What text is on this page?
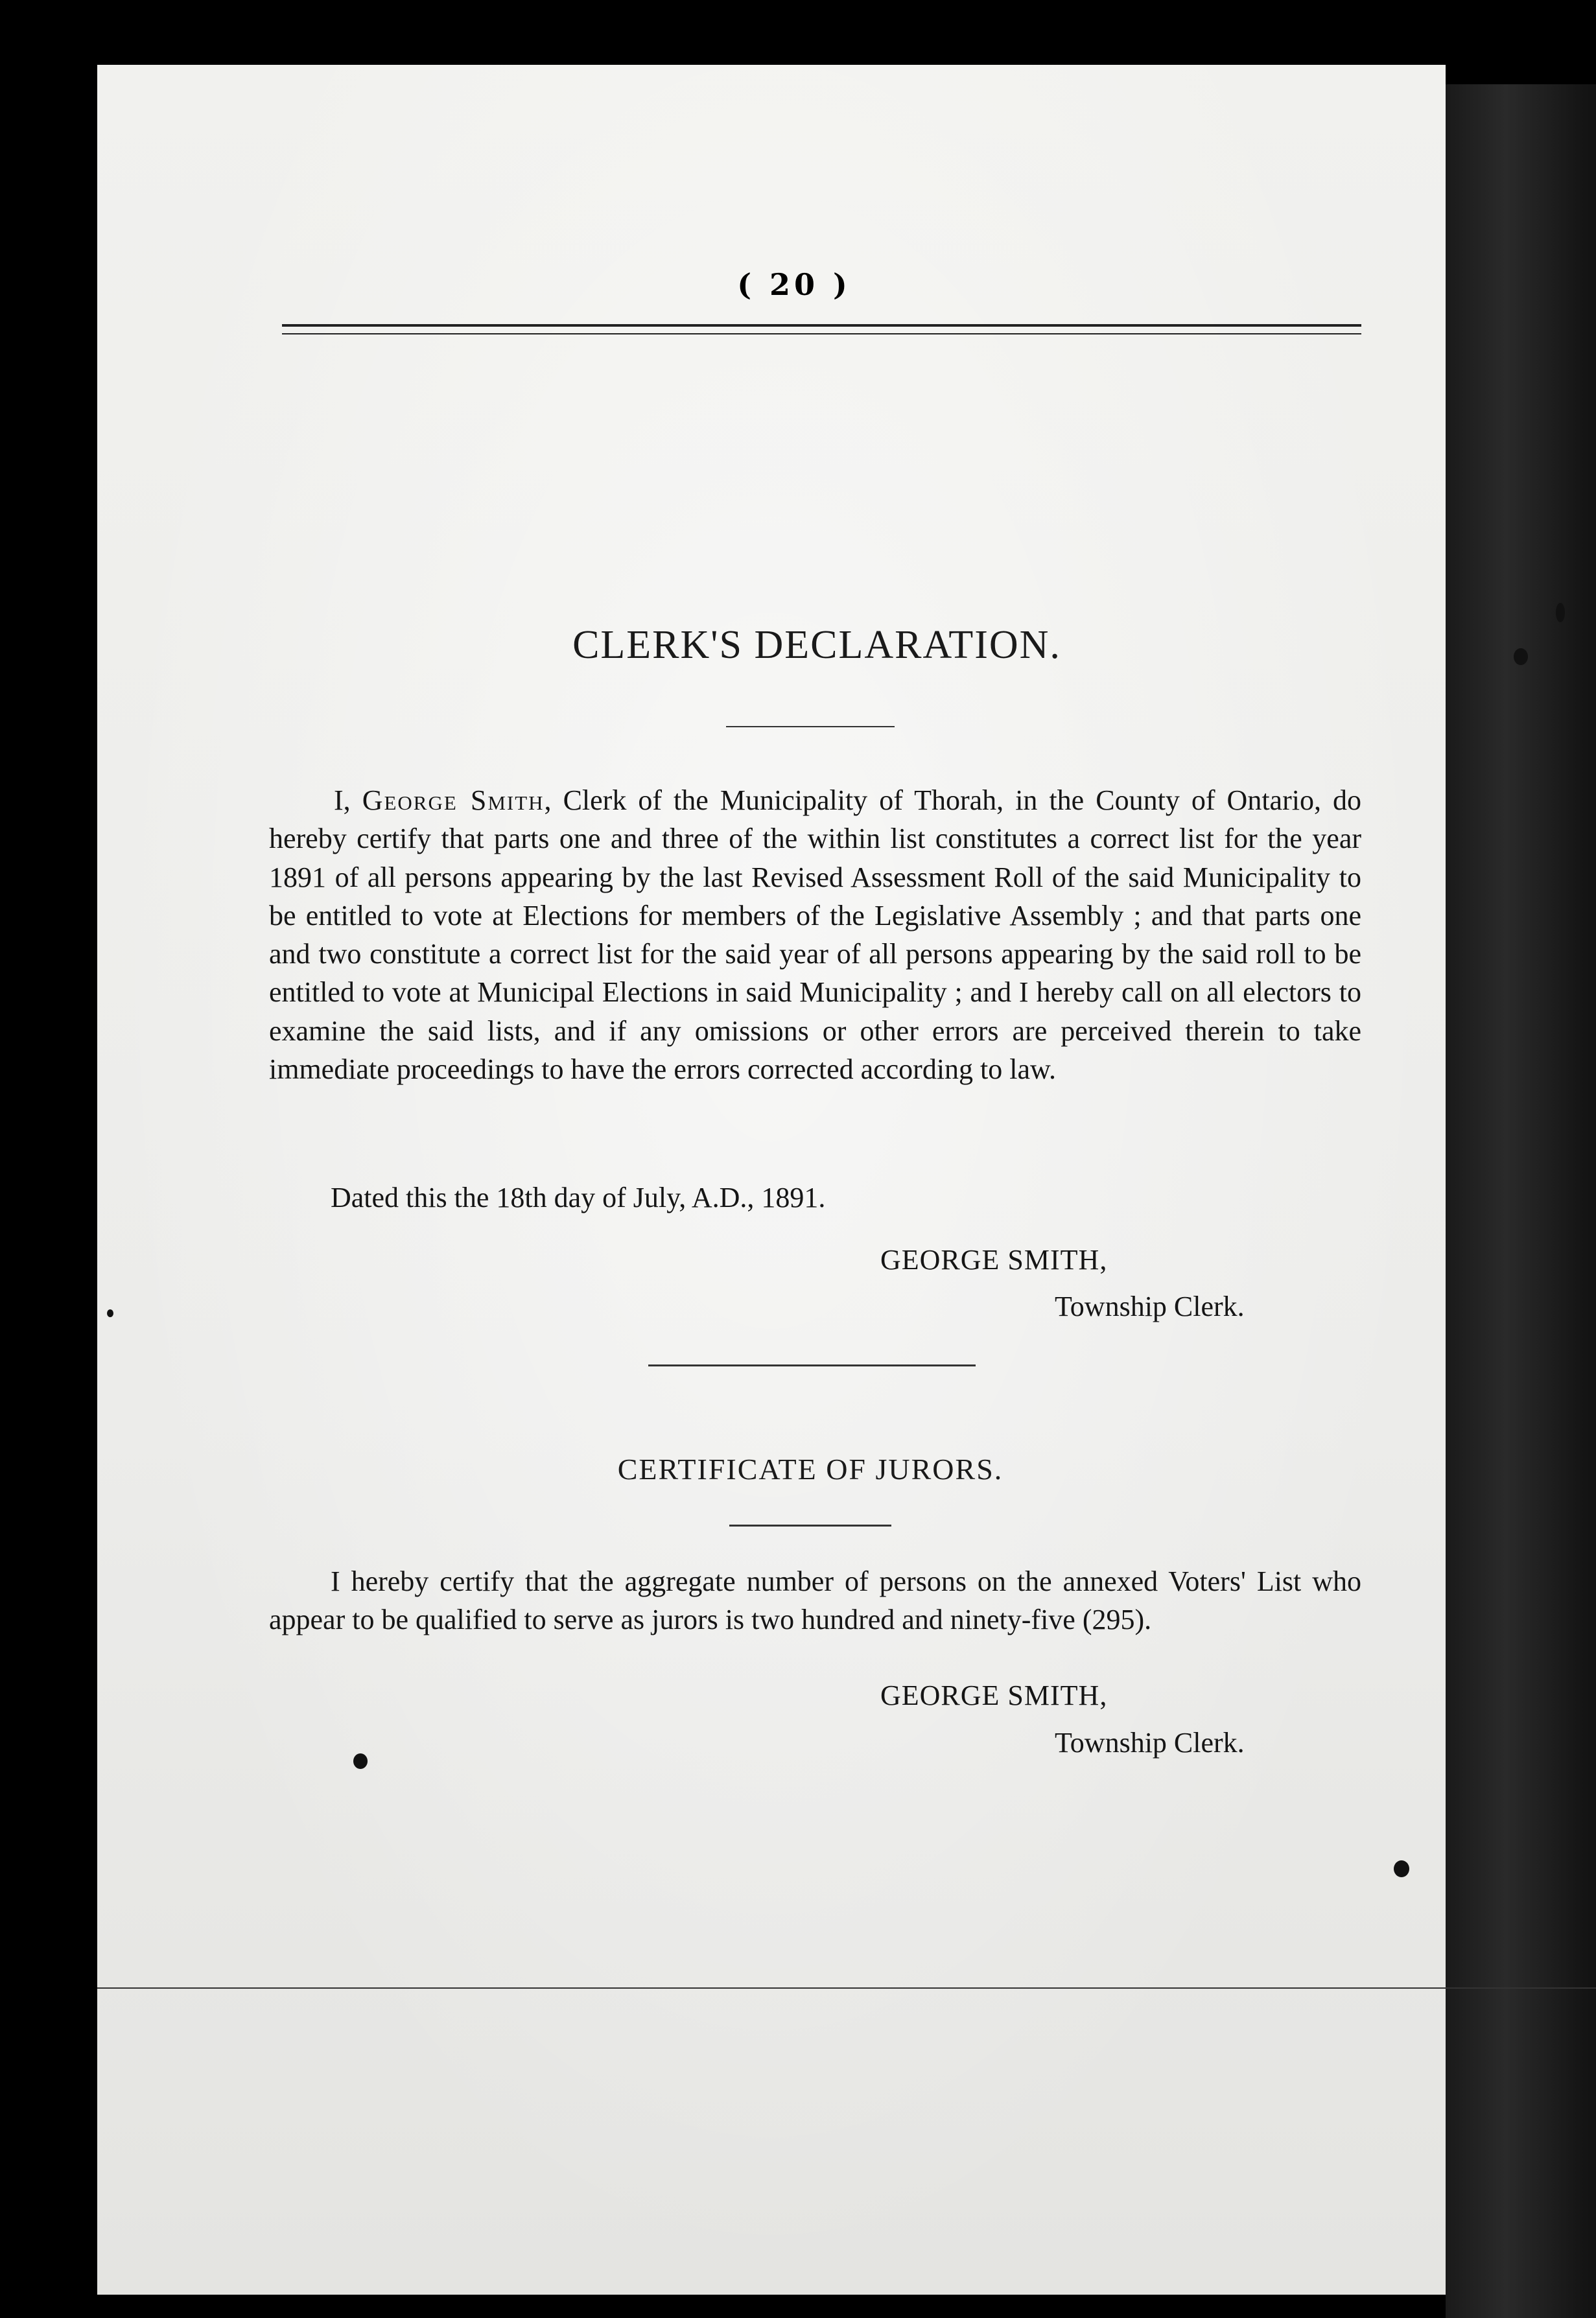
( 20 )
CLERK'S DECLARATION.

I, George Smith, Clerk of the Municipality of Thorah, in the County of Ontario, do hereby certify that parts one and three of the within list constitutes a correct list for the year 1891 of all persons appearing by the last Revised Assessment Roll of the said Municipality to be entitled to vote at Elections for members of the Legislative Assembly ; and that parts one and two constitute a correct list for the said year of all persons appearing by the said roll to be entitled to vote at Municipal Elections in said Municipality ; and I hereby call on all electors to examine the said lists, and if any omissions or other errors are perceived therein to take immediate proceedings to have the errors corrected according to law.

Dated this the 18th day of July, A.D., 1891.
GEORGE SMITH,
Township Clerk.
CERTIFICATE OF JURORS.

I hereby certify that the aggregate number of persons on the annexed Voters' List who appear to be qualified to serve as jurors is two hundred and ninety-five (295).

GEORGE SMITH,
Township Clerk.
